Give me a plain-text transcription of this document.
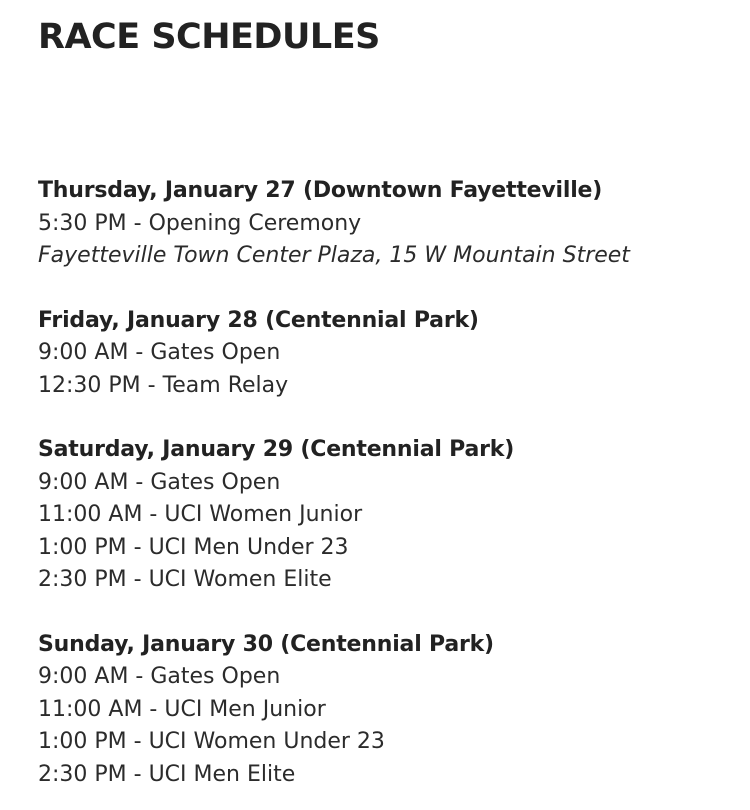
RACE SCHEDULES

Thursday, January 27 (Downtown Fayetteville)

5:30 PM - Opening Ceremony

Fayetteville Town Center Plaza, 15 W Mountain Street

Friday, January 28 (Centennial Park)

9:00 AM - Gates Open

12:30 PM - Team Relay

Saturday, January 29 (Centennial Park)

9:00 AM - Gates Open

11:00 AM - UCI Women Junior

1:00 PM - UCI Men Under 23

2:30 PM - UCI Women Elite

Sunday, January 30 (Centennial Park)

9:00 AM - Gates Open

11:00 AM - UCI Men Junior

1:00 PM - UCI Women Under 23

2:30 PM - UCI Men Elite
